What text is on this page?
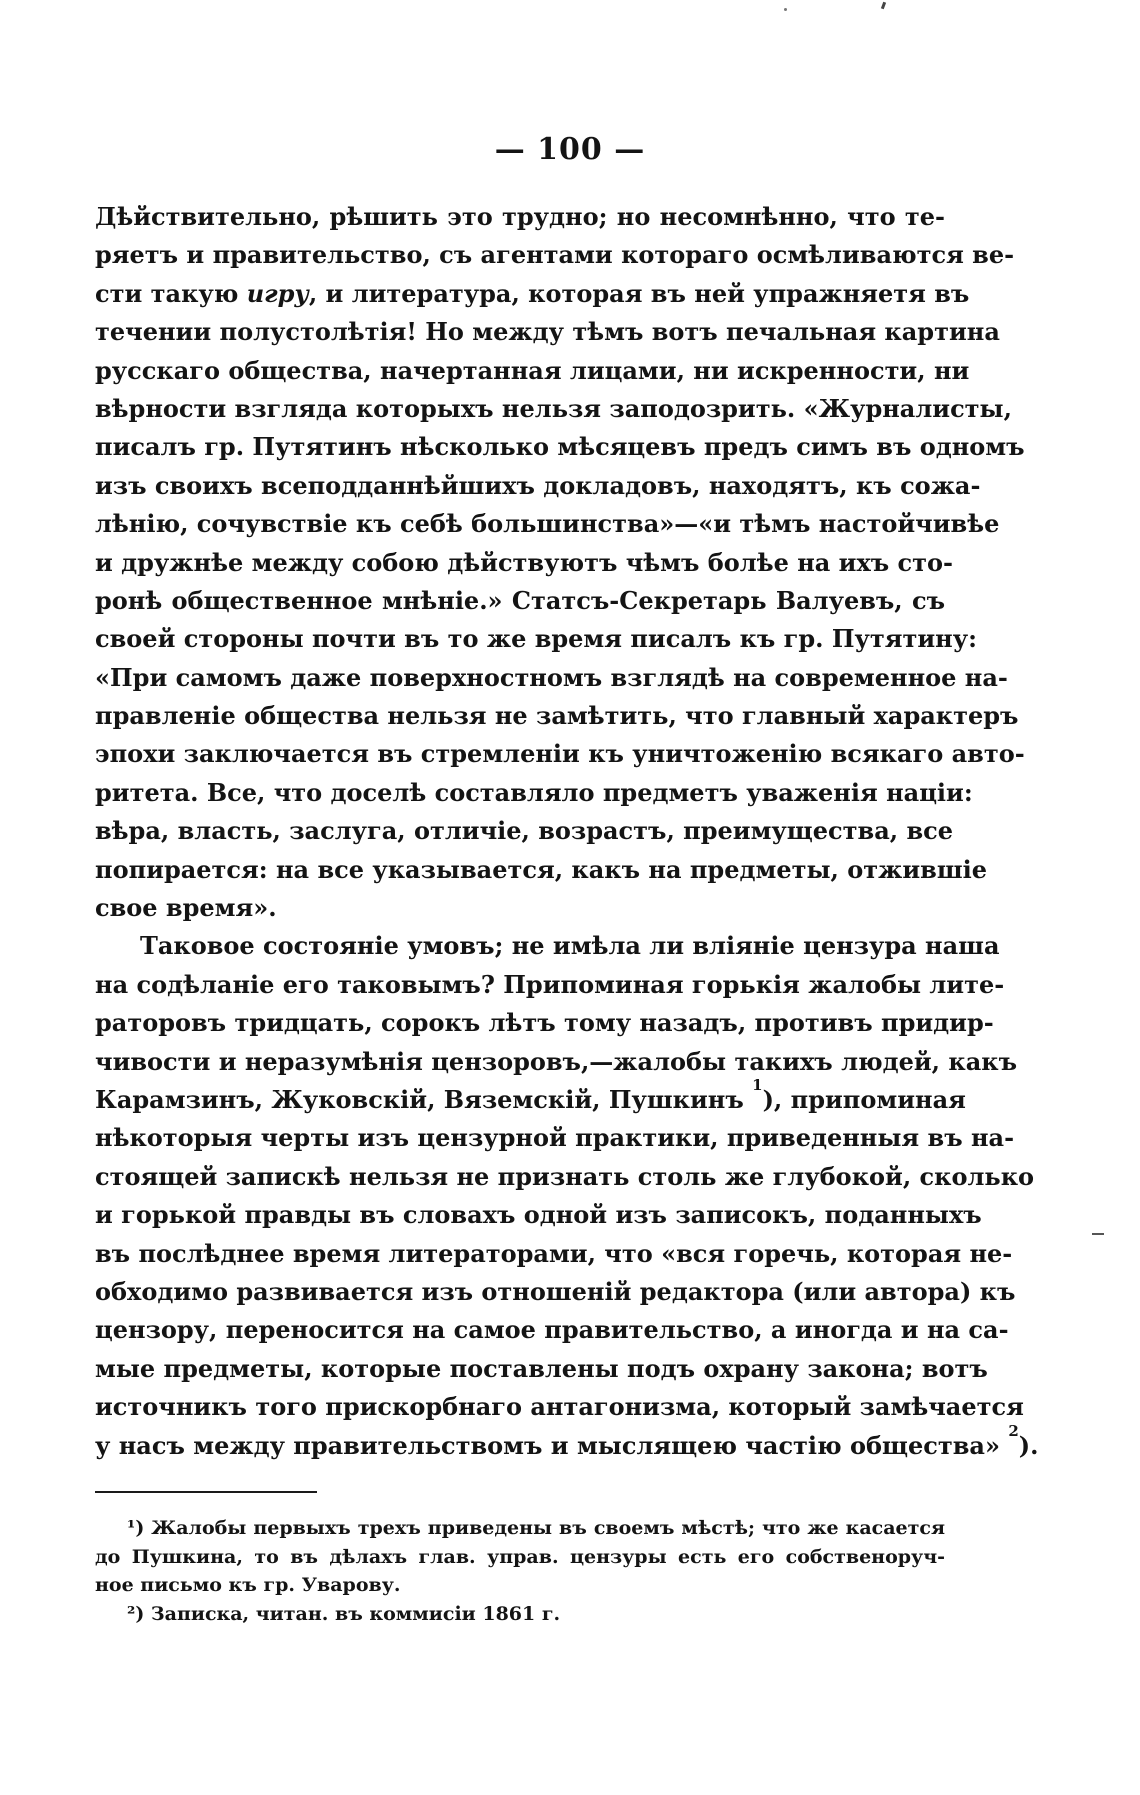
— 100 —
Дѣйствительно, рѣшить это трудно; но несомнѣнно, что те-
ряетъ и правительство, съ агентами котораго осмѣливаются ве-
сти такую игру, и литература, которая въ ней упражняетя въ
течении полустолѣтія! Но между тѣмъ вотъ печальная картина
русскаго общества, начертанная лицами, ни искренности, ни
вѣрности взгляда которыхъ нельзя заподозрить. «Журналисты,
писалъ гр. Путятинъ нѣсколько мѣсяцевъ предъ симъ въ одномъ
изъ своихъ всеподданнѣйшихъ докладовъ, находятъ, къ сожа-
лѣнію, сочувствіе къ себѣ большинства»—«и тѣмъ настойчивѣе
и дружнѣе между собою дѣйствуютъ чѣмъ болѣе на ихъ сто-
ронѣ общественное мнѣніе.» Статсъ-Секретарь Валуевъ, съ
своей стороны почти въ то же время писалъ къ гр. Путятину:
«При самомъ даже поверхностномъ взглядѣ на современное на-
правленіе общества нельзя не замѣтить, что главный характеръ
эпохи заключается въ стремленіи къ уничтоженію всякаго авто-
ритета. Все, что доселѣ составляло предметъ уваженія націи:
вѣра, власть, заслуга, отличіе, возрастъ, преимущества, все
попирается: на все указывается, какъ на предметы, отжившіе
свое время».
Таковое состояніе умовъ; не имѣла ли вліяніе цензура наша
на содѣланіе его таковымъ? Припоминая горькія жалобы лите-
раторовъ тридцать, сорокъ лѣтъ тому назадъ, противъ придир-
чивости и неразумѣнія цензоровъ,—жалобы такихъ людей, какъ
Карамзинъ, Жуковскій, Вяземскій, Пушкинъ $^1$), припоминая
нѣкоторыя черты изъ цензурной практики, приведенныя въ на-
стоящей запискѣ нельзя не признать столь же глубокой, сколько
и горькой правды въ словахъ одной изъ записокъ, поданныхъ
въ послѣднее время литераторами, что «вся горечь, которая не-
обходимо развивается изъ отношеній редактора (или автора) къ
цензору, переносится на самое правительство, а иногда и на са-
мые предметы, которые поставлены подъ охрану закона; вотъ
источникъ того прискорбнаго антагонизма, который замѣчается
у насъ между правительствомъ и мыслящею частію общества» $^2$).
¹) Жалобы первыхъ трехъ приведены въ своемъ мѣстѣ; что же касается
до Пушкина, то въ дѣлахъ глав. управ. цензуры есть его собственоруч-
ное письмо къ гр. Уварову.
²) Записка, читан. въ коммисіи 1861 г.
